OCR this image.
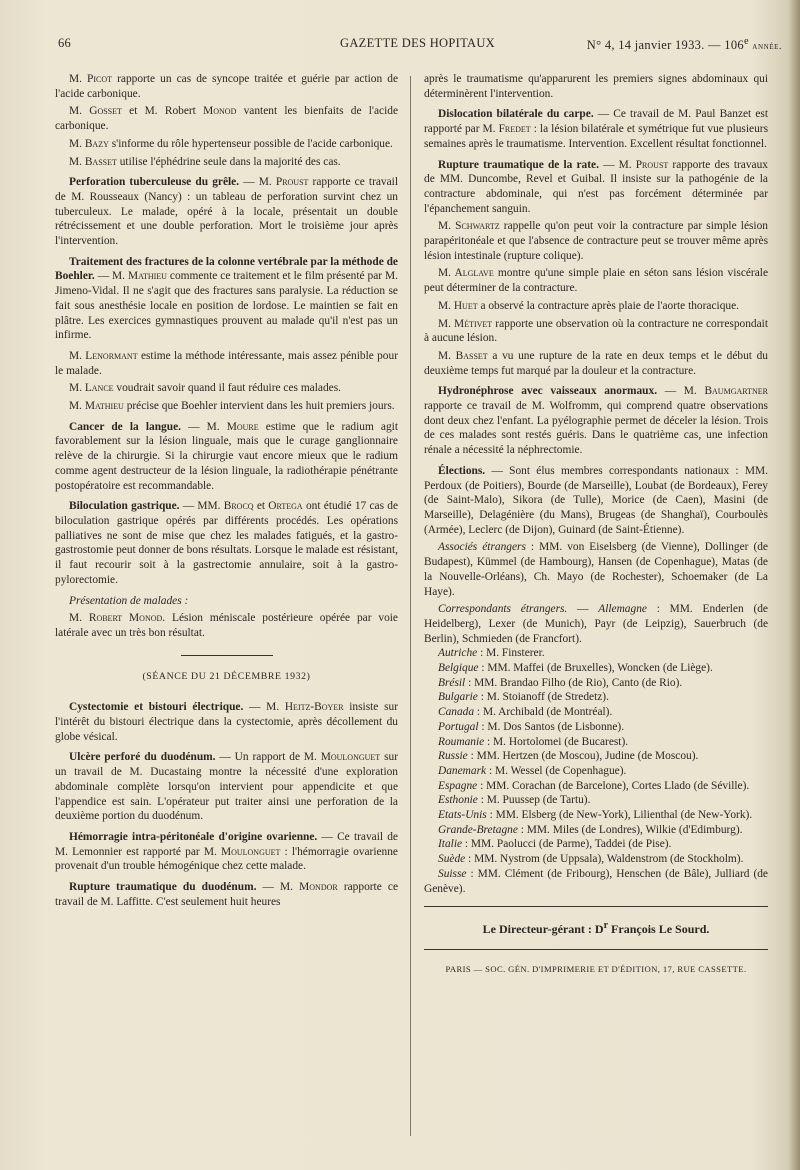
66	GAZETTE DES HOPITAUX	N° 4, 14 janvier 1933. — 106e année.

M. Picot rapporte un cas de syncope traitée et guérie par action de l'acide carbonique.

M. Gosset et M. Robert Monod vantent les bienfaits de l'acide carbonique.

M. Bazy s'informe du rôle hypertenseur possible de l'acide carbonique.

M. Basset utilise l'éphédrine seule dans la majorité des cas.

Perforation tuberculeuse du grêle. — M. Proust rapporte ce travail de M. Rousseaux (Nancy) : un tableau de perforation survint chez un tuberculeux. Le malade, opéré à la locale, présentait un double rétrécissement et une double perforation. Mort le troisième jour après l'intervention.

Traitement des fractures de la colonne vertébrale par la méthode de Boehler. — M. Mathieu commente ce traitement et le film présenté par M. Jimeno-Vidal. Il ne s'agit que des fractures sans paralysie. La réduction se fait sous anesthésie locale en position de lordose. Le maintien se fait en plâtre. Les exercices gymnastiques prouvent au malade qu'il n'est pas un infirme.

M. Lenormant estime la méthode intéressante, mais assez pénible pour le malade.

M. Lance voudrait savoir quand il faut réduire ces malades.

M. Mathieu précise que Boehler intervient dans les huit premiers jours.

Cancer de la langue. — M. Moure estime que le radium agit favorablement sur la lésion linguale, mais que le curage ganglionnaire relève de la chirurgie. Si la chirurgie vaut encore mieux que le radium comme agent destructeur de la lésion linguale, la radiothérapie pénétrante postopératoire est recommandable.

Biloculation gastrique. — MM. Brocq et Ortega ont étudié 17 cas de biloculation gastrique opérés par différents procédés. Les opérations palliatives ne sont de mise que chez les malades fatigués, et la gastro-gastrostomie peut donner de bons résultats. Lorsque le malade est résistant, il faut recourir soit à la gastrectomie annulaire, soit à la gastro-pylorectomie.

Présentation de malades :

M. Robert Monod. Lésion méniscale postérieure opérée par voie latérale avec un très bon résultat.

(SÉANCE DU 21 DÉCEMBRE 1932)

Cystectomie et bistouri électrique. — M. Heitz-Boyer insiste sur l'intérêt du bistouri électrique dans la cystectomie, après décollement du globe vésical.

Ulcère perforé du duodénum. — Un rapport de M. Moulonguet sur un travail de M. Ducastaing montre la nécessité d'une exploration abdominale complète lorsqu'on intervient pour appendicite et que l'appendice est sain. L'opérateur put traiter ainsi une perforation de la deuxième portion du duodénum.

Hémorragie intra-péritonéale d'origine ovarienne. — Ce travail de M. Lemonnier est rapporté par M. Moulonguet : l'hémorragie ovarienne provenait d'un trouble hémogénique chez cette malade.

Rupture traumatique du duodénum. — M. Mondor rapporte ce travail de M. Laffitte. C'est seulement huit heures

après le traumatisme qu'apparurent les premiers signes abdominaux qui déterminèrent l'intervention.

Dislocation bilatérale du carpe. — Ce travail de M. Paul Banzet est rapporté par M. Fredet : la lésion bilatérale et symétrique fut vue plusieurs semaines après le traumatisme. Intervention. Excellent résultat fonctionnel.

Rupture traumatique de la rate. — M. Proust rapporte des travaux de MM. Duncombe, Revel et Guibal. Il insiste sur la pathogénie de la contracture abdominale, qui n'est pas forcément déterminée par l'épanchement sanguin.

M. Schwartz rappelle qu'on peut voir la contracture par simple lésion parapéritonéale et que l'absence de contracture peut se trouver même après lésion intestinale (rupture colique).

M. Alglave montre qu'une simple plaie en séton sans lésion viscérale peut déterminer de la contracture.

M. Huet a observé la contracture après plaie de l'aorte thoracique.

M. Métivet rapporte une observation où la contracture ne correspondait à aucune lésion.

M. Basset a vu une rupture de la rate en deux temps et le début du deuxième temps fut marqué par la douleur et la contracture.

Hydronéphrose avec vaisseaux anormaux. — M. Baumgartner rapporte ce travail de M. Wolfromm, qui comprend quatre observations dont deux chez l'enfant. La pyélographie permet de déceler la lésion. Trois de ces malades sont restés guéris. Dans le quatrième cas, une infection rénale a nécessité la néphrectomie.

Élections. — Sont élus membres correspondants nationaux : MM. Perdoux (de Poitiers), Bourde (de Marseille), Loubat (de Bordeaux), Ferey (de Saint-Malo), Sikora (de Tulle), Morice (de Caen), Masini (de Marseille), Delagénière (du Mans), Brugeas (de Shanghaï), Courboulès (Armée), Leclerc (de Dijon), Guinard (de Saint-Étienne).

Associés étrangers : MM. von Eiselsberg (de Vienne), Dollinger (de Budapest), Kümmel (de Hambourg), Hansen (de Copenhague), Matas (de la Nouvelle-Orléans), Ch. Mayo (de Rochester), Schoemaker (de La Haye).

Correspondants étrangers. — Allemagne : MM. Enderlen (de Heidelberg), Lexer (de Munich), Payr (de Leipzig), Sauerbruch (de Berlin), Schmieden (de Francfort).

Autriche : M. Finsterer.

Belgique : MM. Maffei (de Bruxelles), Woncken (de Liège).

Brésil : MM. Brandao Filho (de Rio), Canto (de Rio).

Bulgarie : M. Stoianoff (de Stredetz).

Canada : M. Archibald (de Montréal).

Portugal : M. Dos Santos (de Lisbonne).

Roumanie : M. Hortolomei (de Bucarest).

Russie : MM. Hertzen (de Moscou), Judine (de Moscou).

Danemark : M. Wessel (de Copenhague).

Espagne : MM. Corachan (de Barcelone), Cortes Llado (de Séville).

Esthonie : M. Puussep (de Tartu).

Etats-Unis : MM. Elsberg (de New-York), Lilienthal (de New-York).

Grande-Bretagne : MM. Miles (de Londres), Wilkie (d'Edimburg).

Italie : MM. Paolucci (de Parme), Taddei (de Pise).

Suède : MM. Nystrom (de Uppsala), Waldenstrom (de Stockholm).

Suisse : MM. Clément (de Fribourg), Henschen (de Bâle), Julliard (de Genève).

Le Directeur-gérant : $D^r$ François Le Sourd.

PARIS — SOC. GÉN. D'IMPRIMERIE ET D'ÉDITION, 17, RUE CASSETTE.
